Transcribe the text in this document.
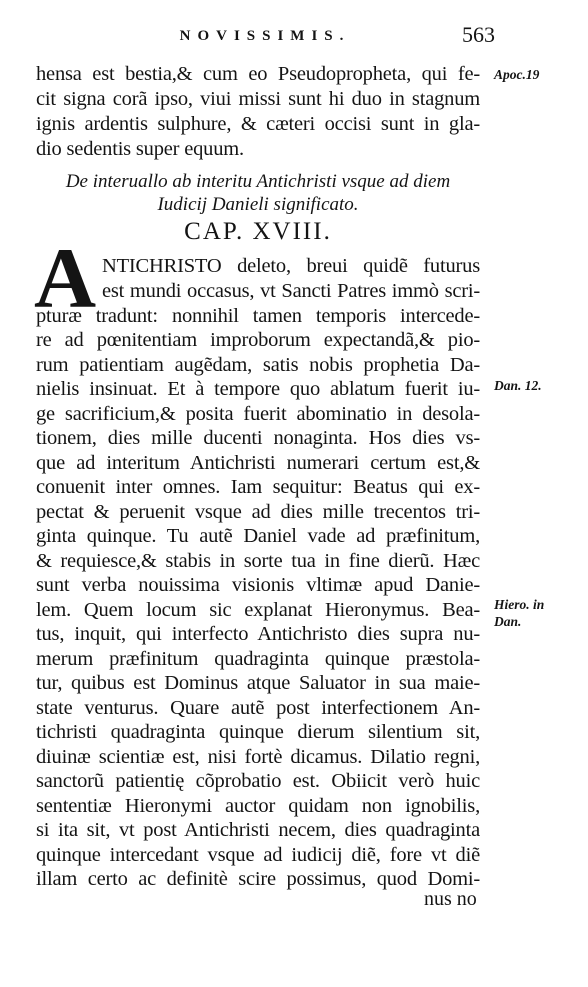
NOVISSIMIS.	563
hensa est bestia,& cum eo Pseudopropheta, qui fe-
cit signa corã ipso, viui missi sunt hi duo in stagnum
ignis ardentis sulphure, & cæteri occisi sunt in gla-
dio sedentis super equum.
De interuallo ab interitu Antichristi vsque ad diem
Iudicij Danieli significato.
CAP. XVIII.
A NTICHRISTO deleto, breui quidẽ futurus
est mundi occasus, vt Sancti Patres immò scri-
pturæ tradunt: nonnihil tamen temporis intercede-
re ad pœnitentiam improborum expectandã,& pio-
rum patientiam augẽdam, satis nobis prophetia Da-
nielis insinuat. Et à tempore quo ablatum fuerit iu-
ge sacrificium,& posita fuerit abominatio in desola-
tionem, dies mille ducenti nonaginta. Hos dies vs-
que ad interitum Antichristi numerari certum est,&
conuenit inter omnes. Iam sequitur: Beatus qui ex-
pectat & peruenit vsque ad dies mille trecentos tri-
ginta quinque. Tu autẽ Daniel vade ad præfinitum,
& requiesce,& stabis in sorte tua in fine dierũ. Hæc
sunt verba nouissima visionis vltimæ apud Danie-
lem. Quem locum sic explanat Hieronymus. Bea-
tus, inquit, qui interfecto Antichristo dies supra nu-
merum præfinitum quadraginta quinque præstola-
tur, quibus est Dominus atque Saluator in sua maie-
state venturus. Quare autẽ post interfectionem An-
tichristi quadraginta quinque dierum silentium sit,
diuinæ scientiæ est, nisi fortè dicamus. Dilatio regni,
sanctorũ patientię cõprobatio est. Obiicit verò huic
sententiæ Hieronymi auctor quidam non ignobilis,
si ita sit, vt post Antichristi necem, dies quadraginta
quinque intercedant vsque ad iudicij diẽ, fore vt diẽ
illam certo ac definitè scire possimus, quod Domi-
nus no
Apoc.19
Dan. 12.
Hiero. in
Dan.
